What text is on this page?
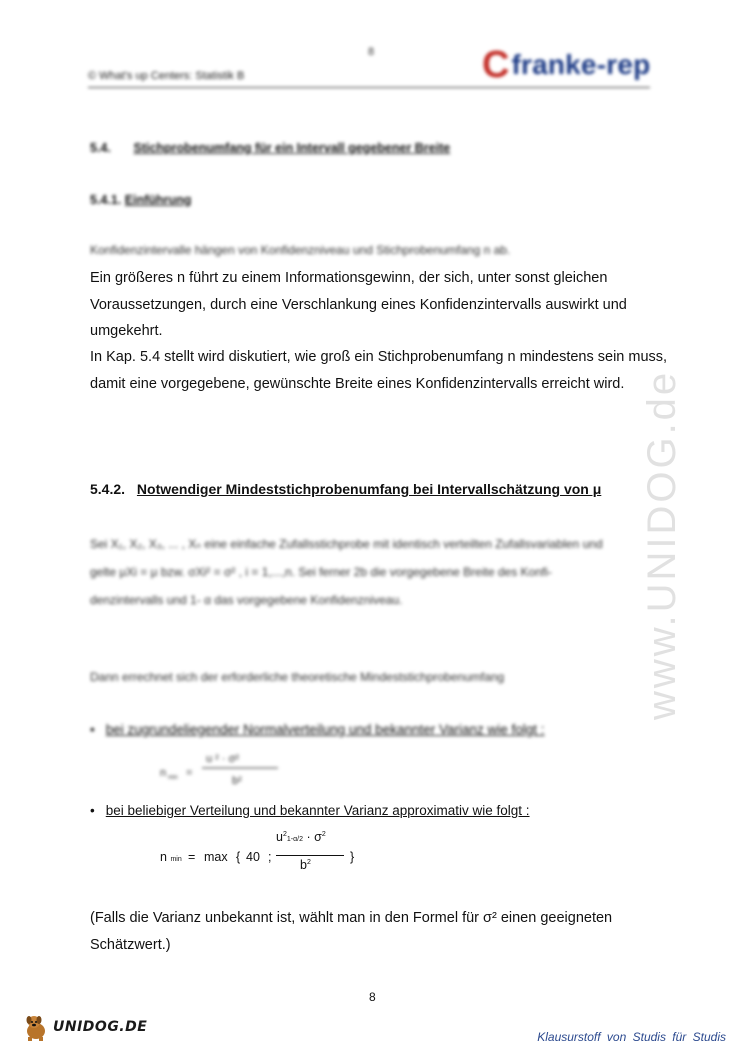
8
© What's up Centers: Statistik B	C franke-rep
5.4. Stichprobenumfang für ein Intervall gegebener Breite
5.4.1. Einführung
Konfidenzintervalle hängen von Konfidenzniveau und Stichprobenumfang n ab.
Ein größeres n führt zu einem Informationsgewinn, der sich, unter sonst gleichen Voraussetzungen, durch eine Verschlankung eines Konfidenzintervalls auswirkt und umgekehrt.
In Kap. 5.4 stellt wird diskutiert, wie groß ein Stichprobenumfang n mindestens sein muss, damit eine vorgegebene, gewünschte Breite eines Konfidenzintervalls erreicht wird.
5.4.2. Notwendiger Mindeststichprobenumfang bei Intervallschätzung von μ
Sei X₁, X₂, X₃, ... , Xₙ eine einfache Zufallsstichprobe mit identisch verteilten Zufallsvariablen und gelte μXi = μ bzw. σXi² = σ² , i = 1,...,n. Sei ferner 2b die vorgegebene Breite des Konfi-denzintervalls und 1- α das vorgegebene Konfidenzniveau.
Dann errechnet sich der erforderliche theoretische Mindeststichprobenumfang
• bei zugrundeliegender Normalverteilung und bekannter Varianz wie folgt :
n min =
u ² · σ²
b²
• bei beliebiger Verteilung und bekannter Varianz approximativ wie folgt :
n min = max { 40 ;
$u^21-\alpha/2 \cdot \sigma^2$
$b^2$	}
(Falls die Varianz unbekannt ist, wählt man in den Formel für σ² einen geeigneten Schätzwert.)
8
www.UNIDOG.de
UNIDOG.DE
Klausurstoff von Studis für Studis
